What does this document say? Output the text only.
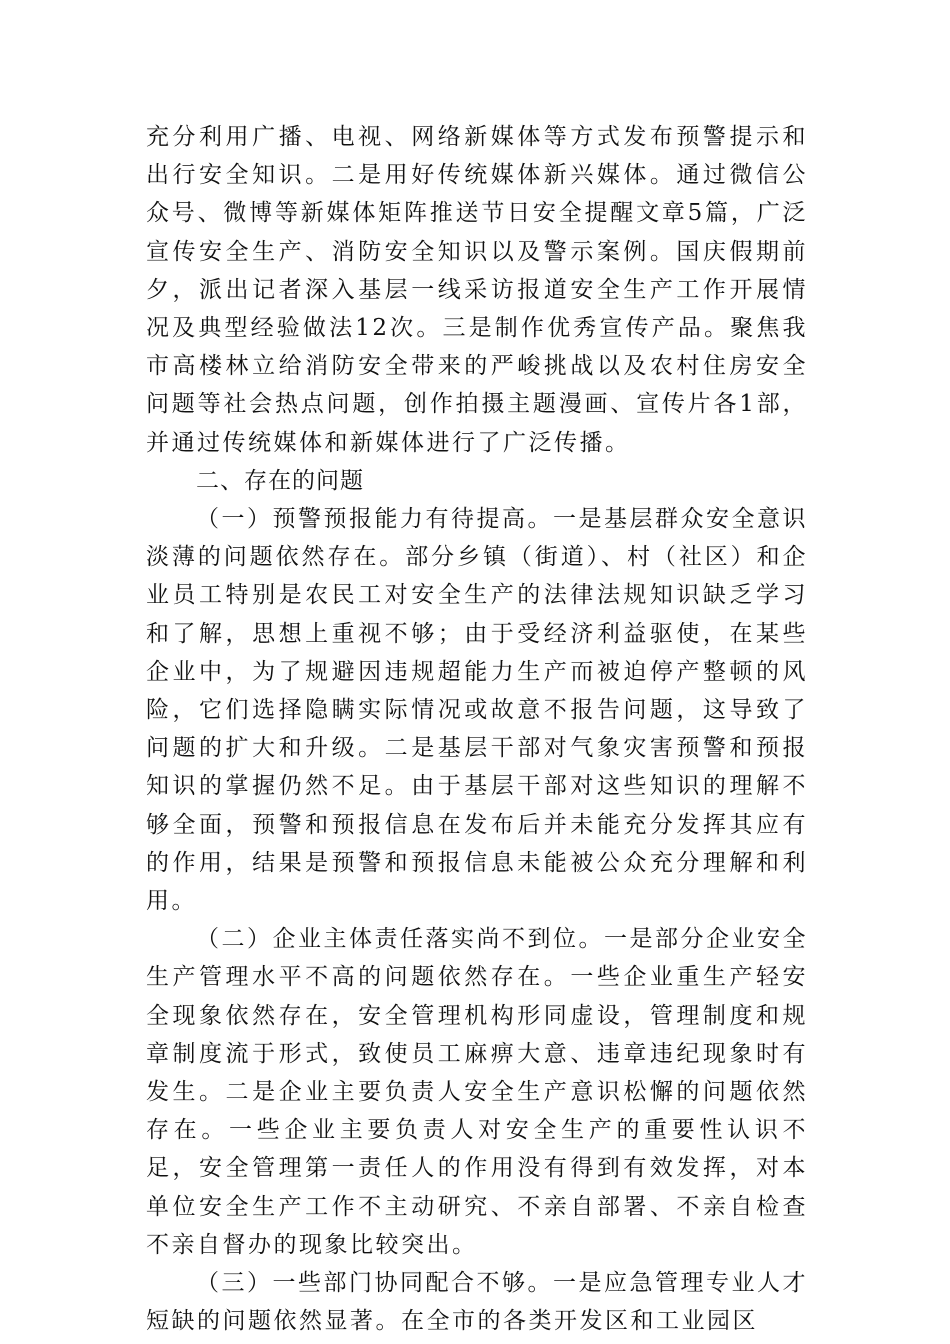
充分利用广播、电视、网络新媒体等方式发布预警提示和出行安全知识。二是用好传统媒体新兴媒体。通过微信公众号、微博等新媒体矩阵推送节日安全提醒文章5篇，广泛宣传安全生产、消防安全知识以及警示案例。国庆假期前夕，派出记者深入基层一线采访报道安全生产工作开展情况及典型经验做法12次。三是制作优秀宣传产品。聚焦我市高楼林立给消防安全带来的严峻挑战以及农村住房安全问题等社会热点问题，创作拍摄主题漫画、宣传片各1部，并通过传统媒体和新媒体进行了广泛传播。

二、存在的问题

（一）预警预报能力有待提高。一是基层群众安全意识淡薄的问题依然存在。部分乡镇（街道）、村（社区）和企业员工特别是农民工对安全生产的法律法规知识缺乏学习和了解，思想上重视不够；由于受经济利益驱使，在某些企业中，为了规避因违规超能力生产而被迫停产整顿的风险，它们选择隐瞒实际情况或故意不报告问题，这导致了问题的扩大和升级。二是基层干部对气象灾害预警和预报知识的掌握仍然不足。由于基层干部对这些知识的理解不够全面，预警和预报信息在发布后并未能充分发挥其应有的作用，结果是预警和预报信息未能被公众充分理解和利用。

（二）企业主体责任落实尚不到位。一是部分企业安全生产管理水平不高的问题依然存在。一些企业重生产轻安全现象依然存在，安全管理机构形同虚设，管理制度和规章制度流于形式，致使员工麻痹大意、违章违纪现象时有发生。二是企业主要负责人安全生产意识松懈的问题依然存在。一些企业主要负责人对安全生产的重要性认识不足，安全管理第一责任人的作用没有得到有效发挥，对本单位安全生产工作不主动研究、不亲自部署、不亲自检查不亲自督办的现象比较突出。

（三）一些部门协同配合不够。一是应急管理专业人才短缺的问题依然显著。在全市的各类开发区和工业园区
